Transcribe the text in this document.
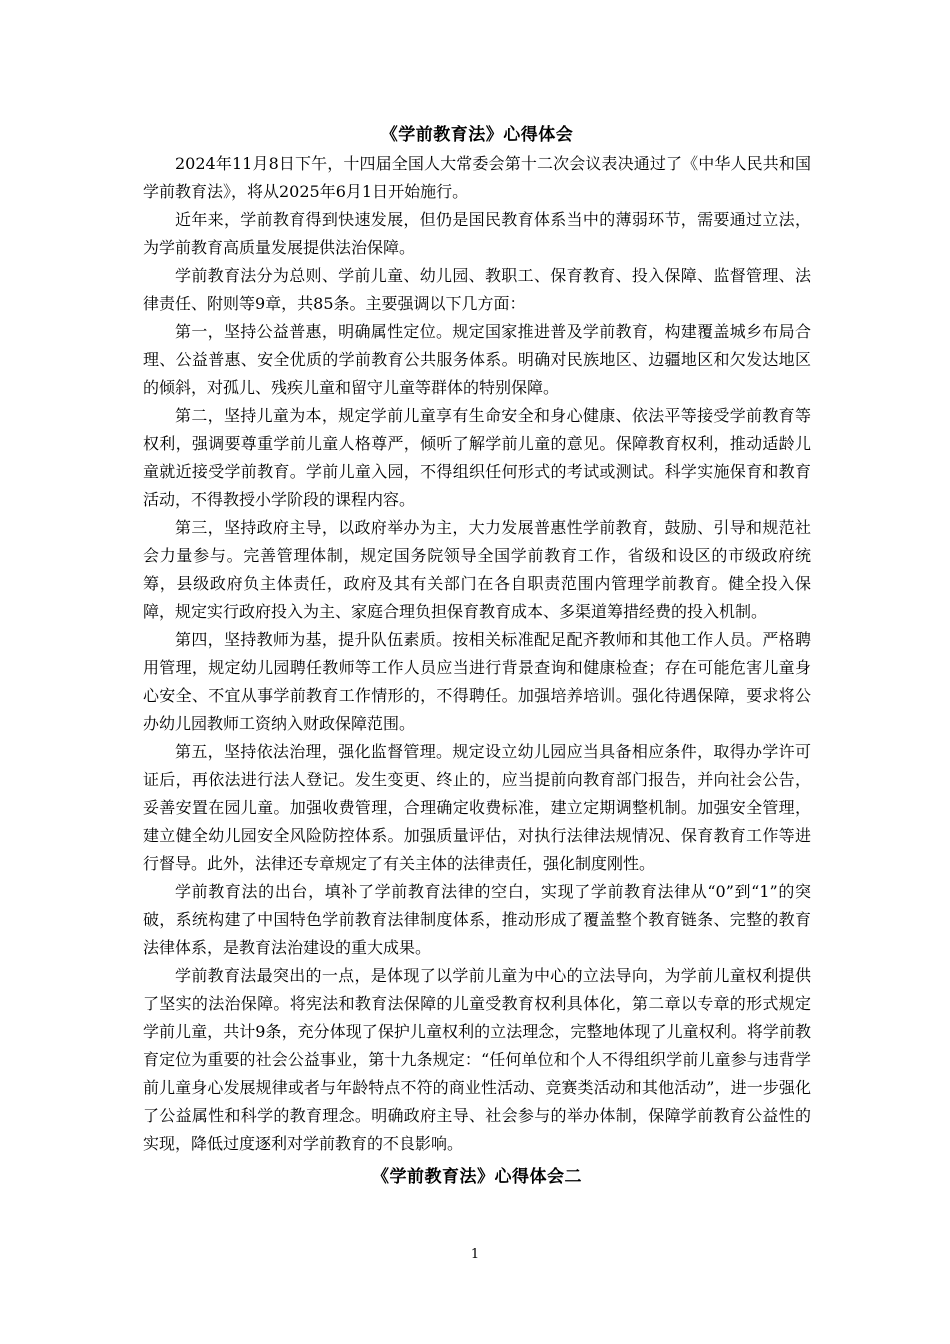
《学前教育法》心得体会

2024年11月8日下午，十四届全国人大常委会第十二次会议表决通过了《中华人民共和国学前教育法》，将从2025年6月1日开始施行。

近年来，学前教育得到快速发展，但仍是国民教育体系当中的薄弱环节，需要通过立法，为学前教育高质量发展提供法治保障。

学前教育法分为总则、学前儿童、幼儿园、教职工、保育教育、投入保障、监督管理、法律责任、附则等9章，共85条。主要强调以下几方面：

第一，坚持公益普惠，明确属性定位。规定国家推进普及学前教育，构建覆盖城乡布局合理、公益普惠、安全优质的学前教育公共服务体系。明确对民族地区、边疆地区和欠发达地区的倾斜，对孤儿、残疾儿童和留守儿童等群体的特别保障。

第二，坚持儿童为本，规定学前儿童享有生命安全和身心健康、依法平等接受学前教育等权利，强调要尊重学前儿童人格尊严，倾听了解学前儿童的意见。保障教育权利，推动适龄儿童就近接受学前教育。学前儿童入园，不得组织任何形式的考试或测试。科学实施保育和教育活动，不得教授小学阶段的课程内容。

第三，坚持政府主导，以政府举办为主，大力发展普惠性学前教育，鼓励、引导和规范社会力量参与。完善管理体制，规定国务院领导全国学前教育工作，省级和设区的市级政府统筹，县级政府负主体责任，政府及其有关部门在各自职责范围内管理学前教育。健全投入保障，规定实行政府投入为主、家庭合理负担保育教育成本、多渠道筹措经费的投入机制。

第四，坚持教师为基，提升队伍素质。按相关标准配足配齐教师和其他工作人员。严格聘用管理，规定幼儿园聘任教师等工作人员应当进行背景查询和健康检查；存在可能危害儿童身心安全、不宜从事学前教育工作情形的，不得聘任。加强培养培训。强化待遇保障，要求将公办幼儿园教师工资纳入财政保障范围。

第五，坚持依法治理，强化监督管理。规定设立幼儿园应当具备相应条件，取得办学许可证后，再依法进行法人登记。发生变更、终止的，应当提前向教育部门报告，并向社会公告，妥善安置在园儿童。加强收费管理，合理确定收费标准，建立定期调整机制。加强安全管理，建立健全幼儿园安全风险防控体系。加强质量评估，对执行法律法规情况、保育教育工作等进行督导。此外，法律还专章规定了有关主体的法律责任，强化制度刚性。

学前教育法的出台，填补了学前教育法律的空白，实现了学前教育法律从“0”到“1”的突破，系统构建了中国特色学前教育法律制度体系，推动形成了覆盖整个教育链条、完整的教育法律体系，是教育法治建设的重大成果。

学前教育法最突出的一点，是体现了以学前儿童为中心的立法导向，为学前儿童权利提供了坚实的法治保障。将宪法和教育法保障的儿童受教育权利具体化，第二章以专章的形式规定学前儿童，共计9条，充分体现了保护儿童权利的立法理念，完整地体现了儿童权利。将学前教育定位为重要的社会公益事业，第十九条规定：“任何单位和个人不得组织学前儿童参与违背学前儿童身心发展规律或者与年龄特点不符的商业性活动、竞赛类活动和其他活动”，进一步强化了公益属性和科学的教育理念。明确政府主导、社会参与的举办体制，保障学前教育公益性的实现，降低过度逐利对学前教育的不良影响。

《学前教育法》心得体会二
1
